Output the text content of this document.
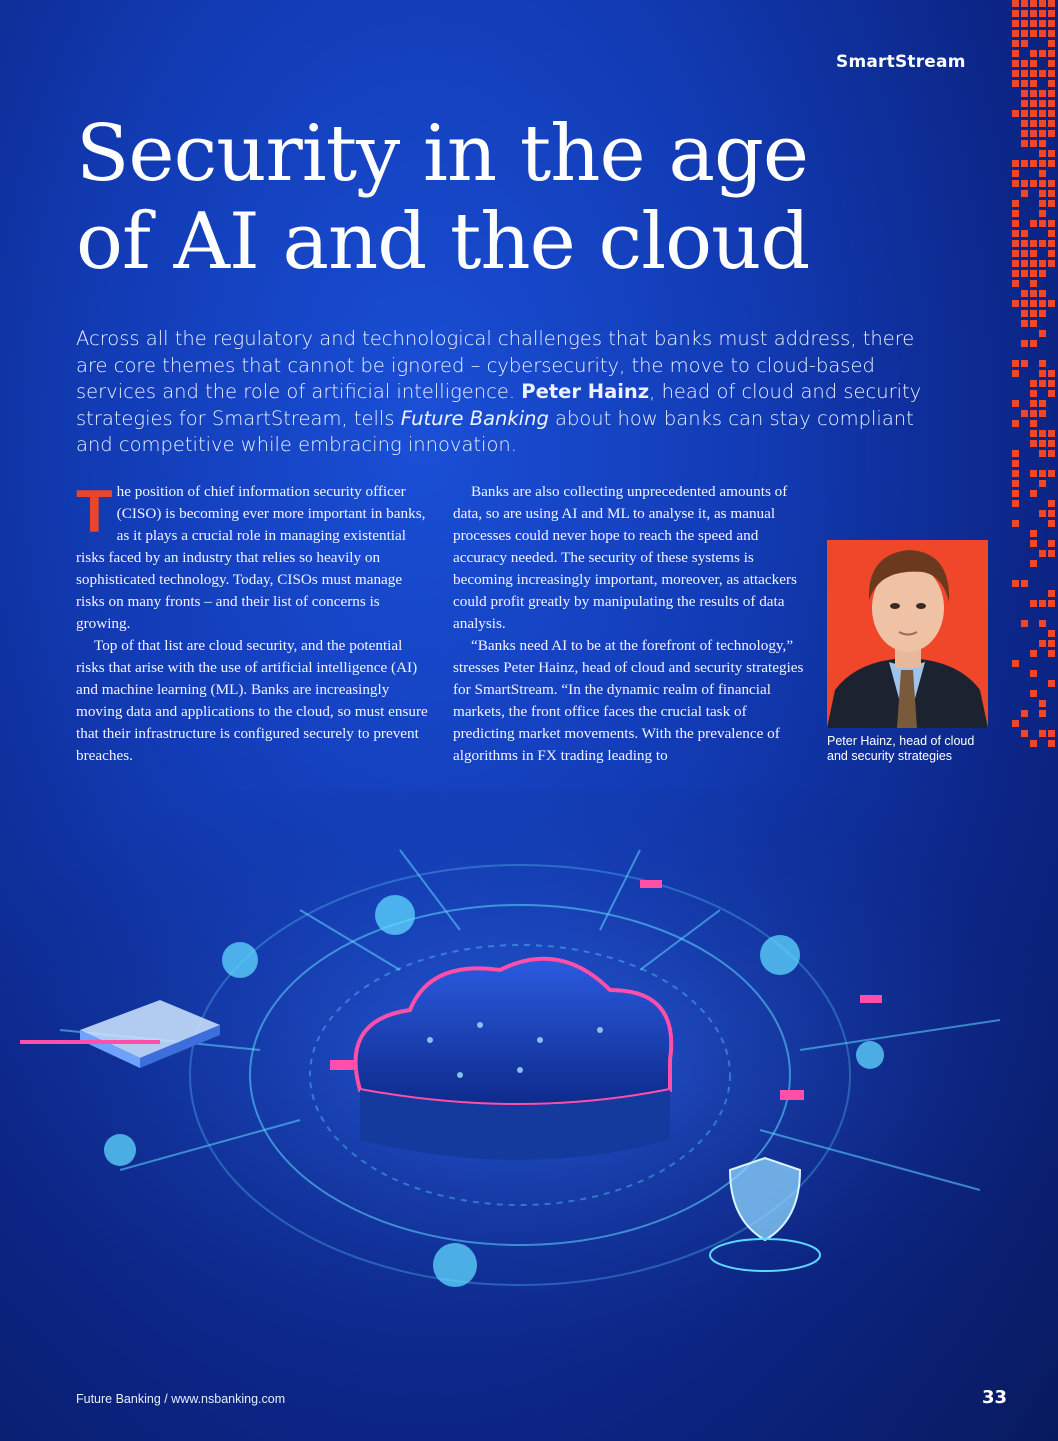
SmartStream
Security in the age
of AI and the cloud

Across all the regulatory and technological challenges that banks must address, there are core themes that cannot be ignored – cybersecurity, the move to cloud-based services and the role of artificial intelligence. Peter Hainz, head of cloud and security strategies for SmartStream, tells Future Banking about how banks can stay compliant and competitive while embracing innovation.

The position of chief information security officer (CISO) is becoming ever more important in banks, as it plays a crucial role in managing existential risks faced by an industry that relies so heavily on sophisticated technology. Today, CISOs must manage risks on many fronts – and their list of concerns is growing.

Top of that list are cloud security, and the potential risks that arise with the use of artificial intelligence (AI) and machine learning (ML). Banks are increasingly moving data and applications to the cloud, so must ensure that their infrastructure is configured securely to prevent breaches.

Banks are also collecting unprecedented amounts of data, so are using AI and ML to analyse it, as manual processes could never hope to reach the speed and accuracy needed. The security of these systems is becoming increasingly important, moreover, as attackers could profit greatly by manipulating the results of data analysis.

“Banks need AI to be at the forefront of technology,” stresses Peter Hainz, head of cloud and security strategies for SmartStream. “In the dynamic realm of financial markets, the front office faces the crucial task of predicting market movements. With the prevalence of algorithms in FX trading leading to

Peter Hainz, head of cloud
and security strategies
Future Banking / www.nsbanking.com	33
